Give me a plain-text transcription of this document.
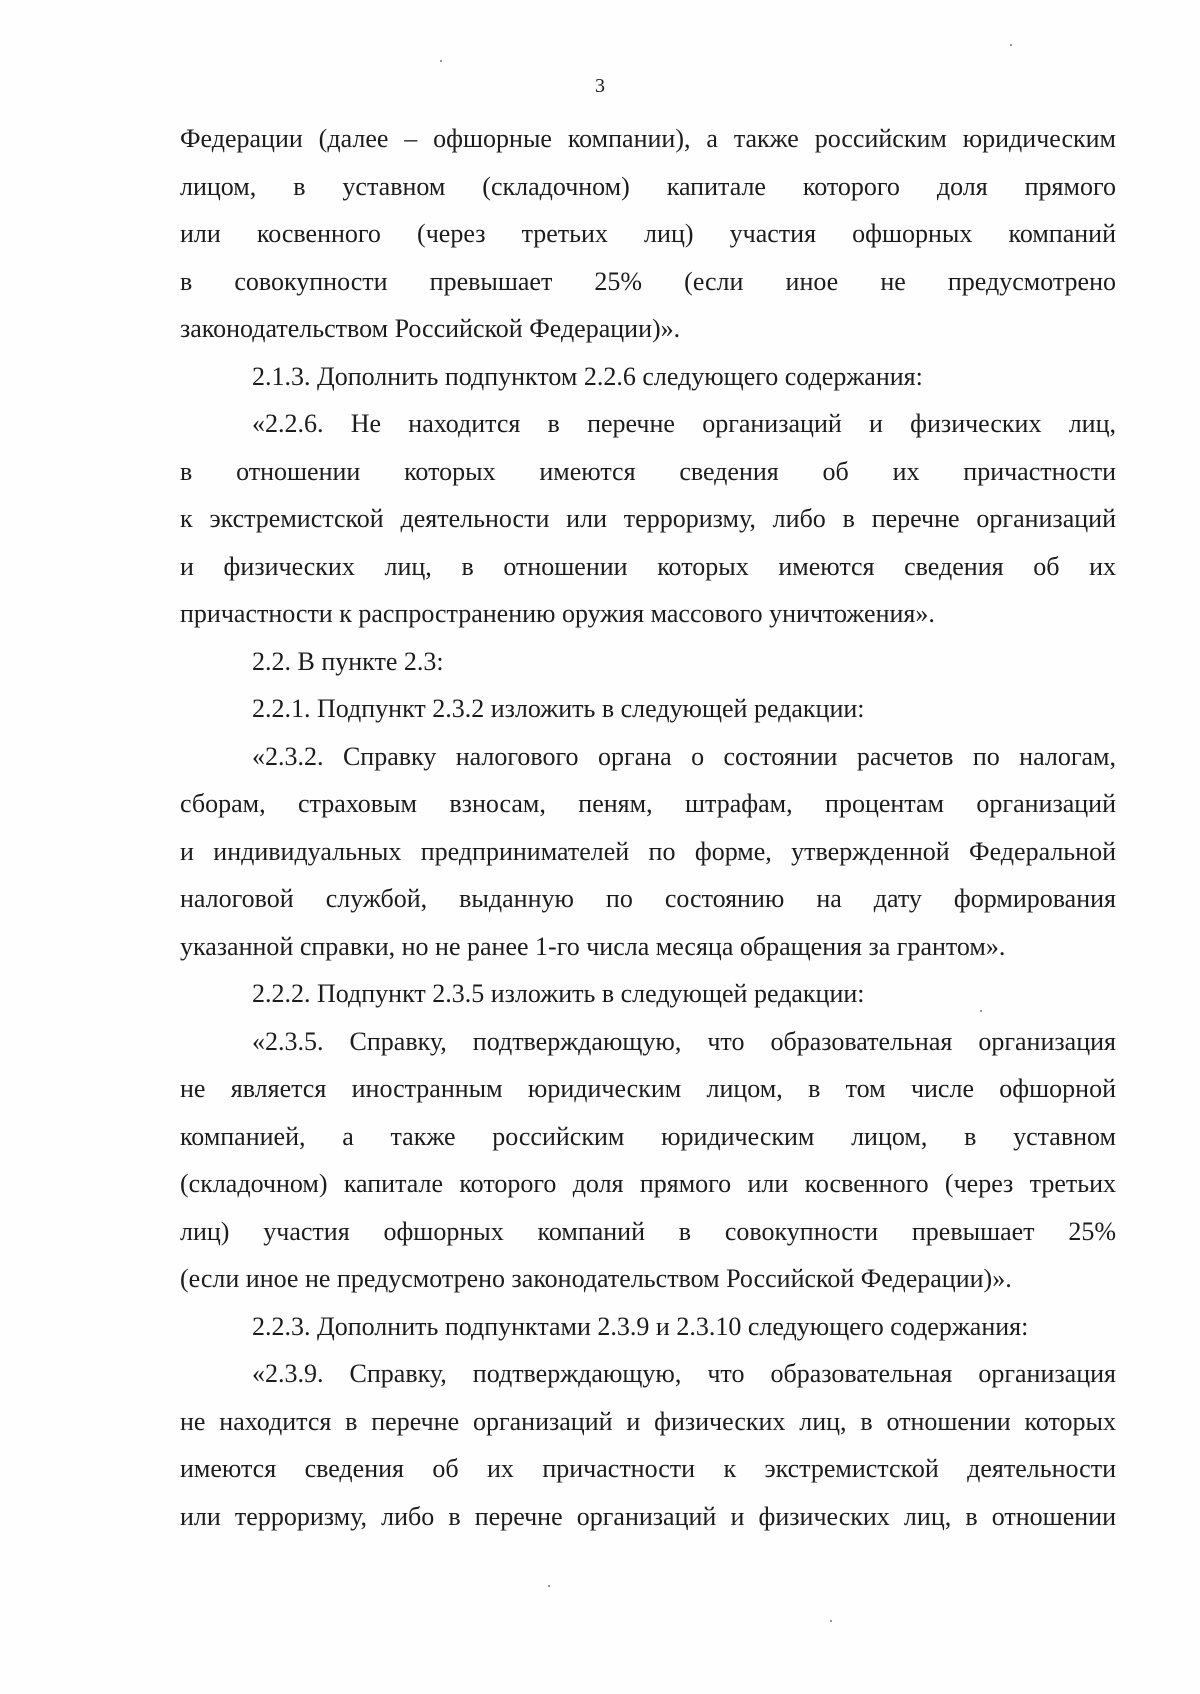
3
Федерации (далее – офшорные компании), а также российским юридическим
лицом, в уставном (складочном) капитале которого доля прямого
или косвенного (через третьих лиц) участия офшорных компаний
в совокупности превышает 25% (если иное не предусмотрено
законодательством Российской Федерации)».
2.1.3. Дополнить подпунктом 2.2.6 следующего содержания:
«2.2.6. Не находится в перечне организаций и физических лиц,
в отношении которых имеются сведения об их причастности
к экстремистской деятельности или терроризму, либо в перечне организаций
и физических лиц, в отношении которых имеются сведения об их
причастности к распространению оружия массового уничтожения».
2.2. В пункте 2.3:
2.2.1. Подпункт 2.3.2 изложить в следующей редакции:
«2.3.2. Справку налогового органа о состоянии расчетов по налогам,
сборам, страховым взносам, пеням, штрафам, процентам организаций
и индивидуальных предпринимателей по форме, утвержденной Федеральной
налоговой службой, выданную по состоянию на дату формирования
указанной справки, но не ранее 1-го числа месяца обращения за грантом».
2.2.2. Подпункт 2.3.5 изложить в следующей редакции:
«2.3.5. Справку, подтверждающую, что образовательная организация
не является иностранным юридическим лицом, в том числе офшорной
компанией, а также российским юридическим лицом, в уставном
(складочном) капитале которого доля прямого или косвенного (через третьих
лиц) участия офшорных компаний в совокупности превышает 25%
(если иное не предусмотрено законодательством Российской Федерации)».
2.2.3. Дополнить подпунктами 2.3.9 и 2.3.10 следующего содержания:
«2.3.9. Справку, подтверждающую, что образовательная организация
не находится в перечне организаций и физических лиц, в отношении которых
имеются сведения об их причастности к экстремистской деятельности
или терроризму, либо в перечне организаций и физических лиц, в отношении
